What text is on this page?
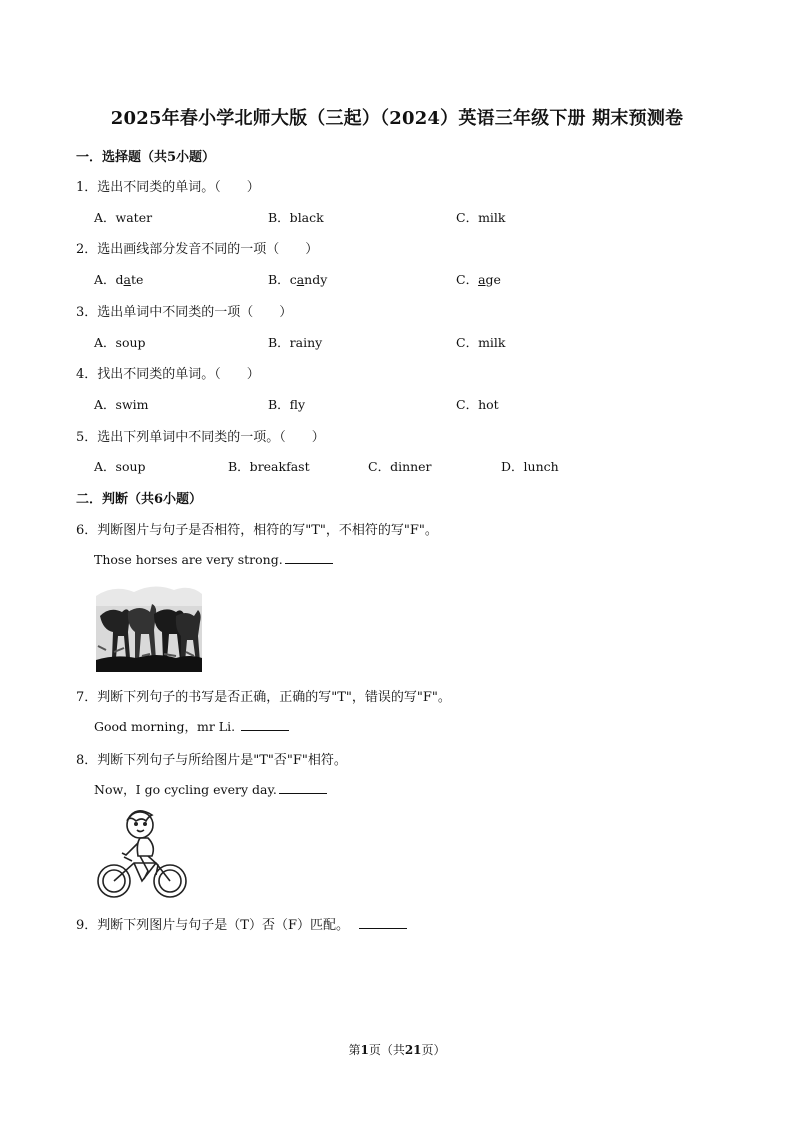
2025年春小学北师大版（三起）（2024）英语三年级下册 期末预测卷
一．选择题（共5小题）
1．选出不同类的单词。（　　）
A．water	B．black	C．milk
2．选出画线部分发音不同的一项（　　）
A．date	B．candy	C．age
3．选出单词中不同类的一项（　　）
A．soup	B．rainy	C．milk
4．找出不同类的单词。（　　）
A．swim	B．fly	C．hot
5．选出下列单词中不同类的一项。（　　）
A．soup	B．breakfast	C．dinner	D．lunch
二．判断（共6小题）
6．判断图片与句子是否相符，相符的写"T"，不相符的写"F"。
Those horses are very strong.
7．判断下列句子的书写是否正确，正确的写"T"，错误的写"F"。
Good morning，mr Li.
8．判断下列句子与所给图片是"T"否"F"相符。
Now，I go cycling every day.
9．判断下列图片与句子是（T）否（F）匹配。
第1页（共21页）
